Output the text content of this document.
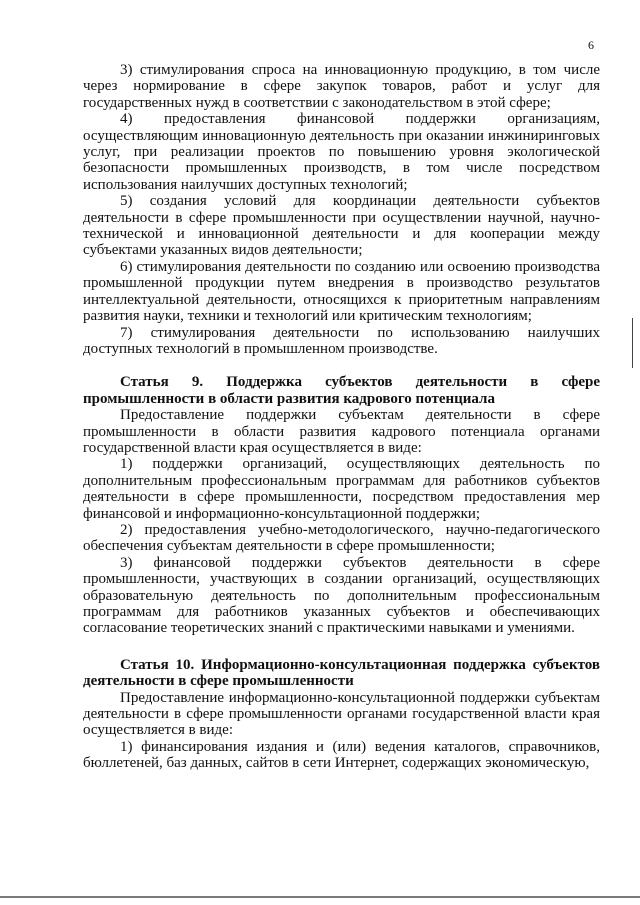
6

3) стимулирования спроса на инновационную продукцию, в том числе через нормирование в сфере закупок товаров, работ и услуг для государственных нужд в соответствии с законодательством в этой сфере;

4) предоставления финансовой поддержки организациям, осуществляющим инновационную деятельность при оказании инжиниринговых услуг, при реализации проектов по повышению уровня экологической безопасности промышленных производств, в том числе посредством использования наилучших доступных технологий;

5) создания условий для координации деятельности субъектов деятельности в сфере промышленности при осуществлении научной, научно-технической и инновационной деятельности и для кооперации между субъектами указанных видов деятельности;

6) стимулирования деятельности по созданию или освоению производства промышленной продукции путем внедрения в производство результатов интеллектуальной деятельности, относящихся к приоритетным направлениям развития науки, техники и технологий или критическим технологиям;

7) стимулирования деятельности по использованию наилучших доступных технологий в промышленном производстве.

Статья 9. Поддержка субъектов деятельности в сфере промышленности в области развития кадрового потенциала

Предоставление поддержки субъектам деятельности в сфере промышленности в области развития кадрового потенциала органами государственной власти края осуществляется в виде:

1) поддержки организаций, осуществляющих деятельность по дополнительным профессиональным программам для работников субъектов деятельности в сфере промышленности, посредством предоставления мер финансовой и информационно-консультационной поддержки;

2) предоставления учебно-методологического, научно-педагогического обеспечения субъектам деятельности в сфере промышленности;

3) финансовой поддержки субъектов деятельности в сфере промышленности, участвующих в создании организаций, осуществляющих образовательную деятельность по дополнительным профессиональным программам для работников указанных субъектов и обеспечивающих согласование теоретических знаний с практическими навыками и умениями.

Статья 10. Информационно-консультационная поддержка субъектов деятельности в сфере промышленности

Предоставление информационно-консультационной поддержки субъектам деятельности в сфере промышленности органами государственной власти края осуществляется в виде:

1) финансирования издания и (или) ведения каталогов, справочников, бюллетеней, баз данных, сайтов в сети Интернет, содержащих экономическую,
